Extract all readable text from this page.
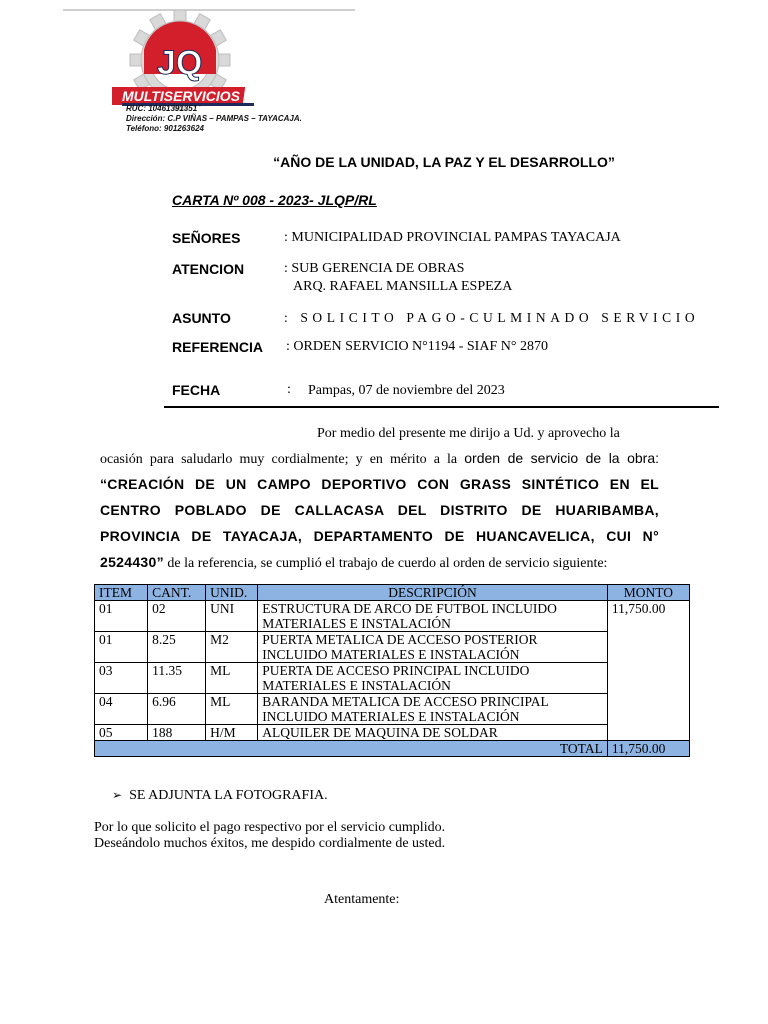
JQ
MULTISERVICIOS
RUC: 10461391351
Dirección: C.P VIÑAS – PAMPAS – TAYACAJA.
Teléfono: 901263624
“AÑO DE LA UNIDAD, LA PAZ Y EL DESARROLLO”
CARTA Nº 008 - 2023- JLQP/RL
SEÑORES	: MUNICIPALIDAD PROVINCIAL PAMPAS TAYACAJA
ATENCION	: SUB GERENCIA DE OBRAS
ARQ. RAFAEL MANSILLA ESPEZA
ASUNTO	: SOLICITO PAGO-CULMINADO SERVICIO
REFERENCIA : ORDEN SERVICIO N°1194 - SIAF N° 2870
FECHA	: Pampas, 07 de noviembre del 2023
Por medio del presente me dirijo a Ud. y aprovecho la
ocasión para saludarlo muy cordialmente; y en mérito a la orden de servicio de la obra: “CREACIÓN DE UN CAMPO DEPORTIVO CON GRASS SINTÉTICO EN EL CENTRO POBLADO DE CALLACASA DEL DISTRITO DE HUARIBAMBA, PROVINCIA DE TAYACAJA, DEPARTAMENTO DE HUANCAVELICA, CUI N° 2524430” de la referencia, se cumplió el trabajo de cuerdo al orden de servicio siguiente:
ITEM	CANT.	UNID.	DESCRIPCIÓN	MONTO
01	02	UNI	ESTRUCTURA DE ARCO DE FUTBOL INCLUIDO MATERIALES E INSTALACIÓN	11,750.00
01	8.25	M2	PUERTA METALICA DE ACCESO POSTERIOR INCLUIDO MATERIALES E INSTALACIÓN	
03	11.35	ML	PUERTA DE ACCESO PRINCIPAL INCLUIDO MATERIALES E INSTALACIÓN	
04	6.96	ML	BARANDA METALICA DE ACCESO PRINCIPAL INCLUIDO MATERIALES E INSTALACIÓN	
05	188	H/M	ALQUILER DE MAQUINA DE SOLDAR	
TOTAL				11,750.00
➢ SE ADJUNTA LA FOTOGRAFIA.
Por lo que solicito el pago respectivo por el servicio cumplido.
Deseándolo muchos éxitos, me despido cordialmente de usted.
Atentamente:
